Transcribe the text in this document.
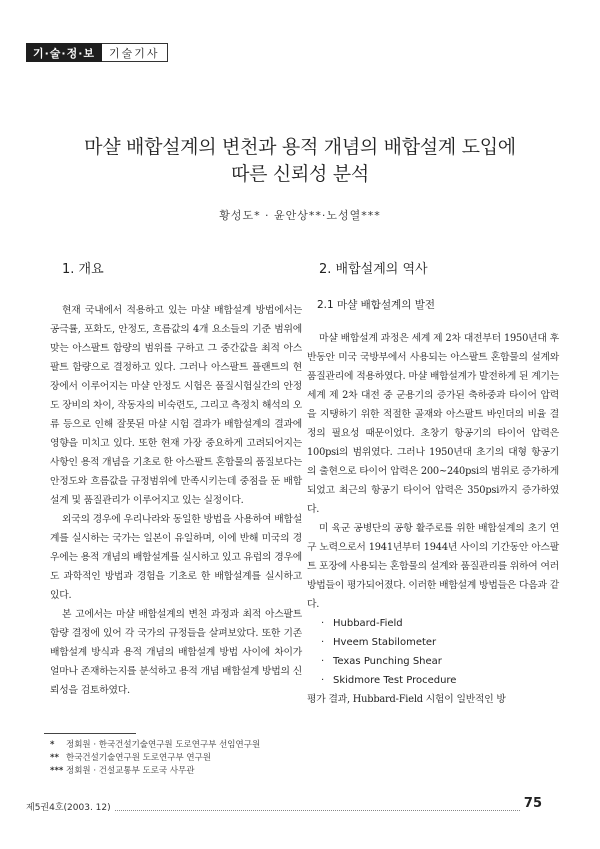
기·술·정·보	기술기사
마샬 배합설계의 변천과 용적 개념의 배합설계 도입에
따른 신뢰성 분석
황성도* · 윤안상**·노성열***
1. 개요

현재 국내에서 적용하고 있는 마샬 배합설계 방법에서는 공극률, 포화도, 안정도, 흐름값의 4개 요소들의 기준 범위에 맞는 아스팔트 함량의 범위를 구하고 그 중간값을 최적 아스팔트 함량으로 결정하고 있다. 그러나 아스팔트 플랜트의 현장에서 이루어지는 마샬 안정도 시험은 품질시험실간의 안정도 장비의 차이, 작동자의 비숙련도, 그리고 측정치 해석의 오류 등으로 인해 잘못된 마샬 시험 결과가 배합설계의 결과에 영향을 미치고 있다. 또한 현재 가장 중요하게 고려되어지는 사항인 용적 개념을 기초로 한 아스팔트 혼합물의 품질보다는 안정도와 흐름값을 규정범위에 만족시키는데 중점을 둔 배합설계 및 품질관리가 이루어지고 있는 실정이다.

외국의 경우에 우리나라와 동일한 방법을 사용하여 배합설계를 실시하는 국가는 일본이 유일하며, 이에 반해 미국의 경우에는 용적 개념의 배합설계를 실시하고 있고 유럽의 경우에도 과학적인 방법과 경험을 기초로 한 배합설계를 실시하고 있다.

본 고에서는 마샬 배합설계의 변천 과정과 최적 아스팔트 함량 결정에 있어 각 국가의 규정들을 살펴보았다. 또한 기존 배합설계 방식과 용적 개념의 배합설계 방법 사이에 차이가 얼마나 존재하는지를 분석하고 용적 개념 배합설계 방법의 신뢰성을 검토하였다.

2. 배합설계의 역사
2.1 마샬 배합설계의 발전

마샬 배합설계 과정은 세계 제 2차 대전부터 1950년대 후반동안 미국 국방부에서 사용되는 아스팔트 혼합물의 설계와 품질관리에 적용하였다. 마샬 배합설계가 발전하게 된 계기는 세계 제 2차 대전 중 군용기의 증가된 축하중과 타이어 압력을 지탱하기 위한 적절한 골재와 아스팔트 바인더의 비율 결정의 필요성 때문이었다. 초창기 항공기의 타이어 압력은 100psi의 범위였다. 그러나 1950년대 초기의 대형 항공기의 출현으로 타이어 압력은 200~240psi의 범위로 증가하게 되었고 최근의 항공기 타이어 압력은 350psi까지 증가하였다.

미 육군 공병단의 공항 활주로를 위한 배합설계의 초기 연구 노력으로서 1941년부터 1944년 사이의 기간동안 아스팔트 포장에 사용되는 혼합물의 설계와 품질관리를 위하여 여러 방법들이 평가되어졌다. 이러한 배합설계 방법들은 다음과 같다.

· Hubbard-Field
· Hveem Stabilometer
· Texas Punching Shear
· Skidmore Test Procedure

평가 결과, Hubbard-Field 시험이 일반적인 방

* 정회원 · 한국건설기술연구원 도로연구부 선임연구원
** 한국건설기술연구원 도로연구부 연구원
*** 정회원 · 건설교통부 도로국 사무관
제5권4호(2003. 12)	75
